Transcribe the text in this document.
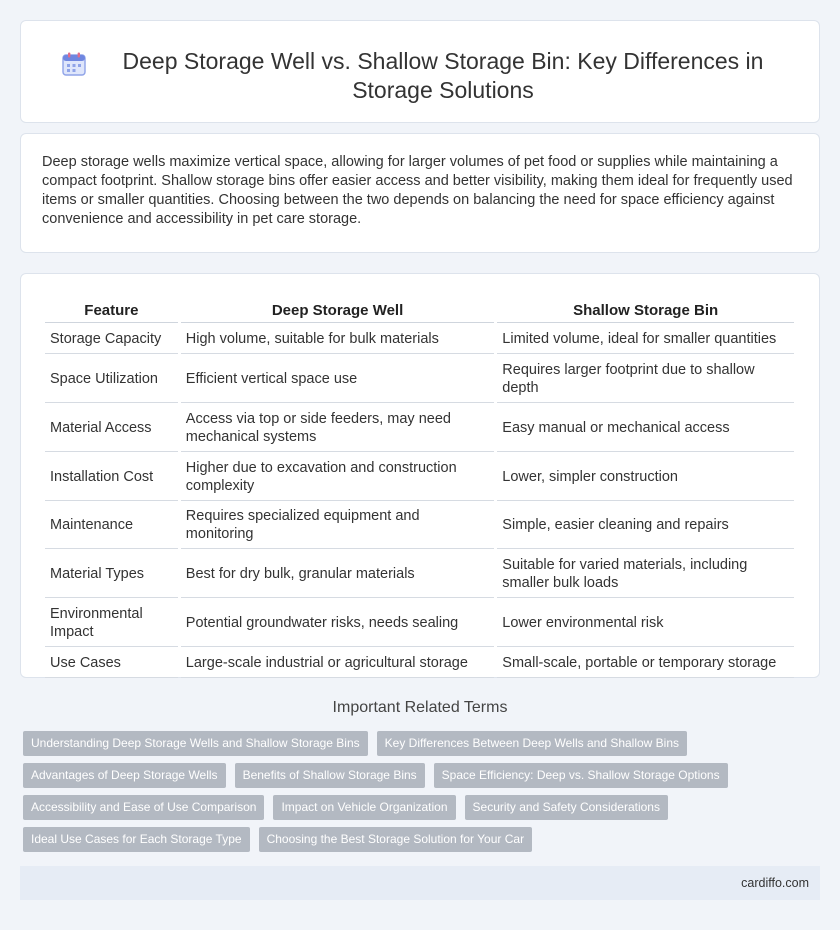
Deep Storage Well vs. Shallow Storage Bin: Key Differences in Storage Solutions

Deep storage wells maximize vertical space, allowing for larger volumes of pet food or supplies while maintaining a compact footprint. Shallow storage bins offer easier access and better visibility, making them ideal for frequently used items or smaller quantities. Choosing between the two depends on balancing the need for space efficiency against convenience and accessibility in pet care storage.

Feature	Deep Storage Well	Shallow Storage Bin
Storage Capacity	High volume, suitable for bulk materials	Limited volume, ideal for smaller quantities
Space Utilization	Efficient vertical space use	Requires larger footprint due to shallow depth
Material Access	Access via top or side feeders, may need mechanical systems	Easy manual or mechanical access
Installation Cost	Higher due to excavation and construction complexity	Lower, simpler construction
Maintenance	Requires specialized equipment and monitoring	Simple, easier cleaning and repairs
Material Types	Best for dry bulk, granular materials	Suitable for varied materials, including smaller bulk loads
Environmental Impact	Potential groundwater risks, needs sealing	Lower environmental risk
Use Cases	Large-scale industrial or agricultural storage	Small-scale, portable or temporary storage
Important Related Terms
Understanding Deep Storage Wells and Shallow Storage Bins	Key Differences Between Deep Wells and Shallow Bins
Advantages of Deep Storage Wells	Benefits of Shallow Storage Bins	Space Efficiency: Deep vs. Shallow Storage Options
Accessibility and Ease of Use Comparison	Impact on Vehicle Organization	Security and Safety Considerations
Ideal Use Cases for Each Storage Type	Choosing the Best Storage Solution for Your Car
cardiffo.com
